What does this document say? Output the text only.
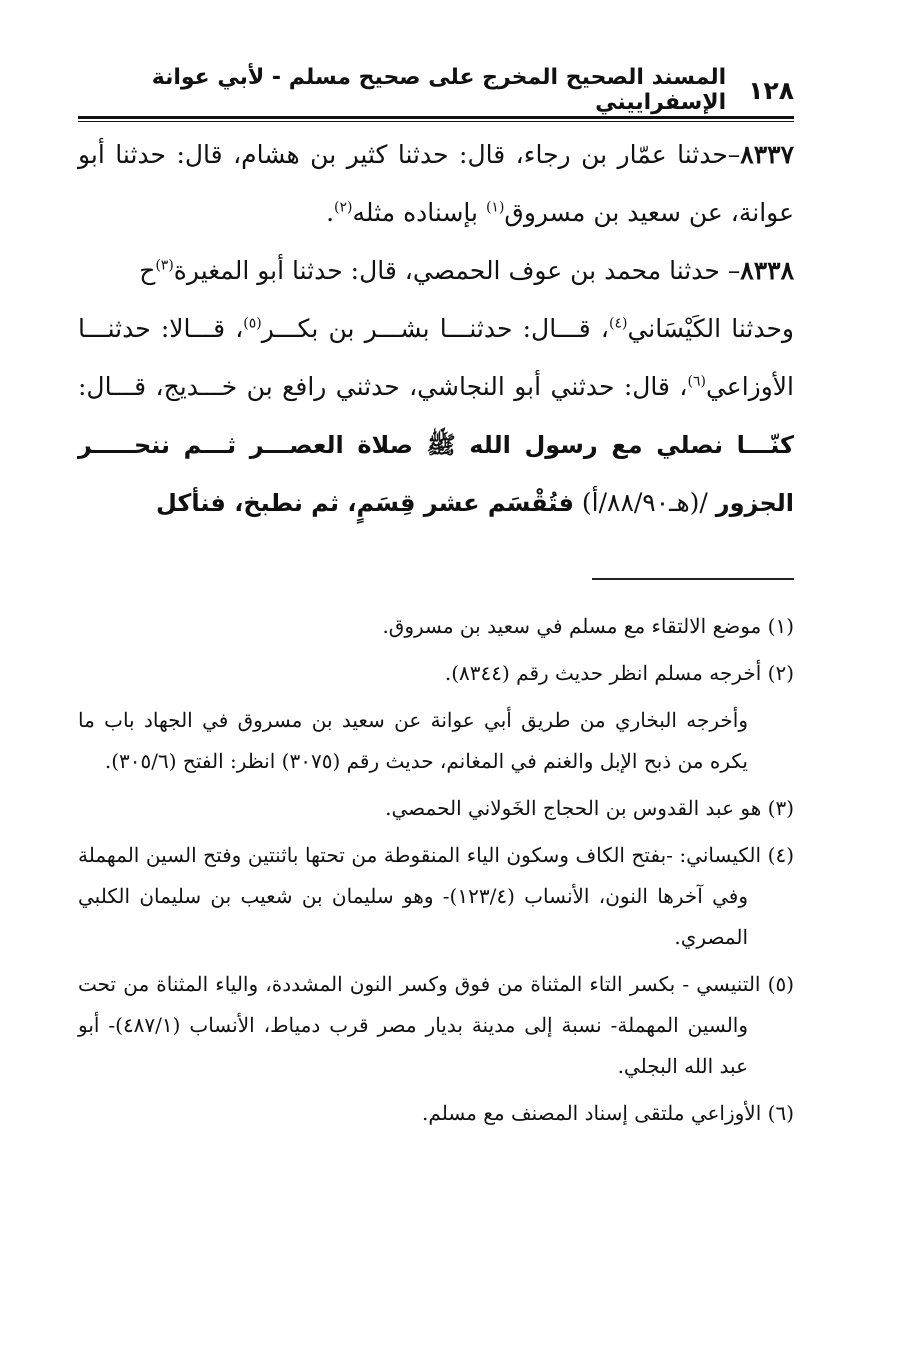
١٢٨
المسند الصحيح المخرج على صحيح مسلم - لأبي عوانة الإسفراييني

٨٣٣٧–حدثنا عمّار بن رجاء، قال: حدثنا كثير بن هشام، قال: حدثنا أبو عوانة، عن سعيد بن مسروق$^{(١)}$ بإسناده مثله$^{(٢)}$.

٨٣٣٨– حدثنا محمد بن عوف الحمصي، قال: حدثنا أبو المغيرة$^{(٣)}$ح
وحدثنا الكَيْسَاني$^{(٤)}$، قـــال: حدثنـــا بشـــر بن بكـــر$^{(٥)}$، قـــالا: حدثنـــا الأوزاعي$^{(٦)}$، قال: حدثني أبو النجاشي، حدثني رافع بن خـــديج، قـــال: كنّـــا نصلي مع رسول الله ﷺ صلاة العصـــر ثـــم ننحـــــر الجزور /(هـ٨٨/٩٠/أ) فتُقْسَم عشر قِسَمٍ، ثم نطبخ، فنأكل

(١) موضع الالتقاء مع مسلم في سعيد بن مسروق.

(٢) أخرجه مسلم انظر حديث رقم (٨٣٤٤).

وأخرجه البخاري من طريق أبي عوانة عن سعيد بن مسروق في الجهاد باب ما يكره من ذبح الإبل والغنم في المغانم، حديث رقم (٣٠٧٥) انظر: الفتح (٣٠٥/٦).

(٣) هو عبد القدوس بن الحجاج الخَولاني الحمصي.

(٤) الكيساني: -بفتح الكاف وسكون الياء المنقوطة من تحتها باثنتين وفتح السين المهملة وفي آخرها النون، الأنساب (١٢٣/٤)- وهو سليمان بن شعيب بن سليمان الكلبي المصري.

(٥) التنيسي - بكسر التاء المثناة من فوق وكسر النون المشددة، والياء المثناة من تحت والسين المهملة- نسبة إلى مدينة بديار مصر قرب دمياط، الأنساب (٤٨٧/١)- أبو عبد الله البجلي.

(٦) الأوزاعي ملتقى إسناد المصنف مع مسلم.
